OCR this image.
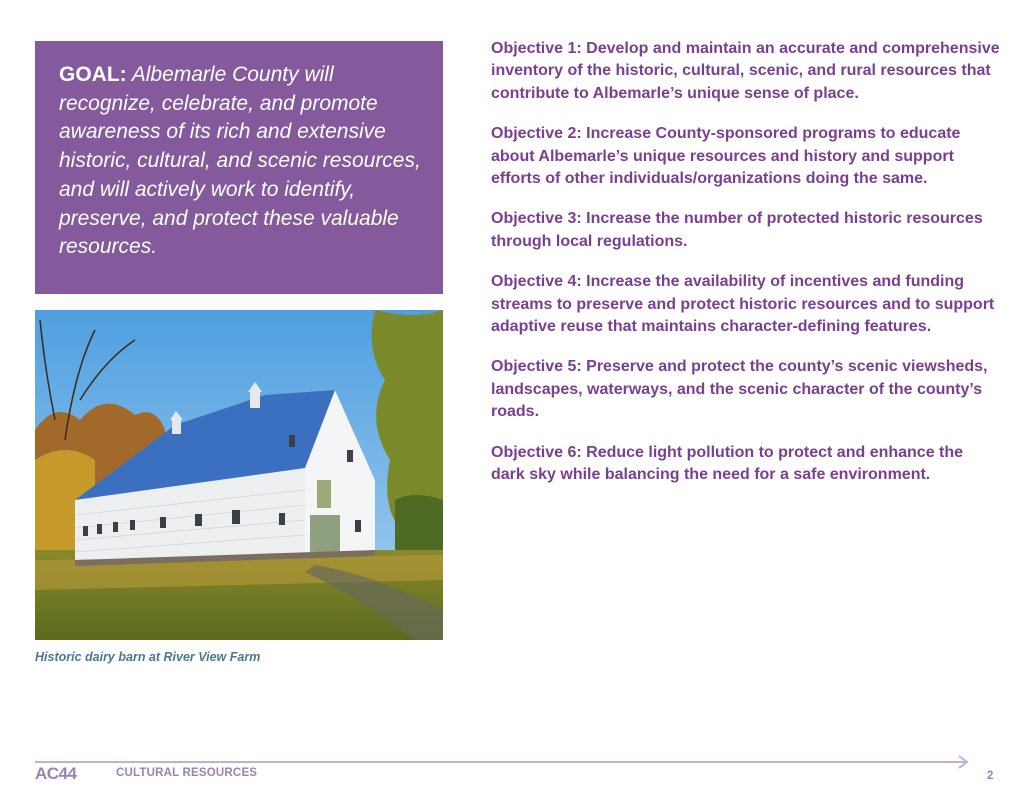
GOAL: Albemarle County will recognize, celebrate, and promote awareness of its rich and extensive historic, cultural, and scenic resources, and will actively work to identify, preserve, and protect these valuable resources.
Historic dairy barn at River View Farm

Objective 1: Develop and maintain an accurate and comprehensive inventory of the historic, cultural, scenic, and rural resources that contribute to Albemarle’s unique sense of place.

Objective 2: Increase County-sponsored programs to educate about Albemarle’s unique resources and history and support efforts of other individuals/organizations doing the same.

Objective 3: Increase the number of protected historic resources through local regulations.

Objective 4: Increase the availability of incentives and funding streams to preserve and protect historic resources and to support adaptive reuse that maintains character-defining features.

Objective 5: Preserve and protect the county’s scenic viewsheds, landscapes, waterways, and the scenic character of the county’s roads.

Objective 6: Reduce light pollution to protect and enhance the dark sky while balancing the need for a safe environment.

AC44	CULTURAL RESOURCES	2
